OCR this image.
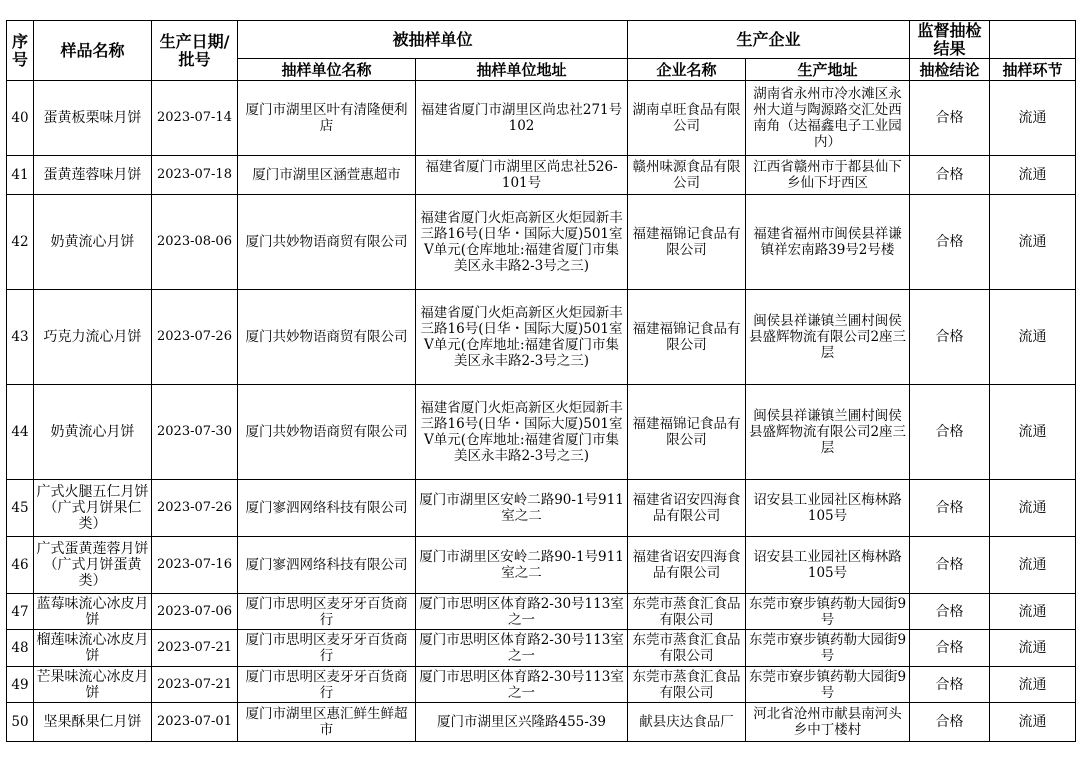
序号	样品名称	生产日期/批号	被抽样单位		生产企业		监督抽检结果	
			抽样单位名称	抽样单位地址	企业名称	生产地址	抽检结论	抽样环节
40	蛋黄板栗味月饼	2023-07-14	厦门市湖里区叶有清隆便利店	福建省厦门市湖里区尚忠社271号102	湖南卓旺食品有限公司	湖南省永州市冷水滩区永州大道与陶源路交汇处西南角（达福鑫电子工业园内）	合格	流通
41	蛋黄莲蓉味月饼	2023-07-18	厦门市湖里区涵萱惠超市	福建省厦门市湖里区尚忠社526-101号	赣州味源食品有限公司	江西省赣州市于都县仙下乡仙下圩西区	合格	流通
42	奶黄流心月饼	2023-08-06	厦门共妙物语商贸有限公司	福建省厦门火炬高新区火炬园新丰三路16号(日华・国际大厦)501室V单元(仓库地址:福建省厦门市集美区永丰路2-3号之三)	福建福锦记食品有限公司	福建省福州市闽侯县祥谦镇祥宏南路39号2号楼	合格	流通
43	巧克力流心月饼	2023-07-26	厦门共妙物语商贸有限公司	福建省厦门火炬高新区火炬园新丰三路16号(日华・国际大厦)501室V单元(仓库地址:福建省厦门市集美区永丰路2-3号之三)	福建福锦记食品有限公司	闽侯县祥谦镇兰圃村闽侯县盛辉物流有限公司2座三层	合格	流通
44	奶黄流心月饼	2023-07-30	厦门共妙物语商贸有限公司	福建省厦门火炬高新区火炬园新丰三路16号(日华・国际大厦)501室V单元(仓库地址:福建省厦门市集美区永丰路2-3号之三)	福建福锦记食品有限公司	闽侯县祥谦镇兰圃村闽侯县盛辉物流有限公司2座三层	合格	流通
45	广式火腿五仁月饼（广式月饼果仁类）	2023-07-26	厦门寥泗网络科技有限公司	厦门市湖里区安岭二路90-1号911室之二	福建省诏安四海食品有限公司	诏安县工业园社区梅林路105号	合格	流通
46	广式蛋黄莲蓉月饼（广式月饼蛋黄类）	2023-07-16	厦门寥泗网络科技有限公司	厦门市湖里区安岭二路90-1号911室之二	福建省诏安四海食品有限公司	诏安县工业园社区梅林路105号	合格	流通
47	蓝莓味流心冰皮月饼	2023-07-06	厦门市思明区麦牙牙百货商行	厦门市思明区体育路2-30号113室之一	东莞市蒸食汇食品有限公司	东莞市寮步镇药勒大园街9号	合格	流通
48	榴莲味流心冰皮月饼	2023-07-21	厦门市思明区麦牙牙百货商行	厦门市思明区体育路2-30号113室之一	东莞市蒸食汇食品有限公司	东莞市寮步镇药勒大园街9号	合格	流通
49	芒果味流心冰皮月饼	2023-07-21	厦门市思明区麦牙牙百货商行	厦门市思明区体育路2-30号113室之一	东莞市蒸食汇食品有限公司	东莞市寮步镇药勒大园街9号	合格	流通
50	坚果酥果仁月饼	2023-07-01	厦门市湖里区惠汇鲜生鲜超市	厦门市湖里区兴隆路455-39	献县庆达食品厂	河北省沧州市献县南河头乡中丁楼村	合格	流通
